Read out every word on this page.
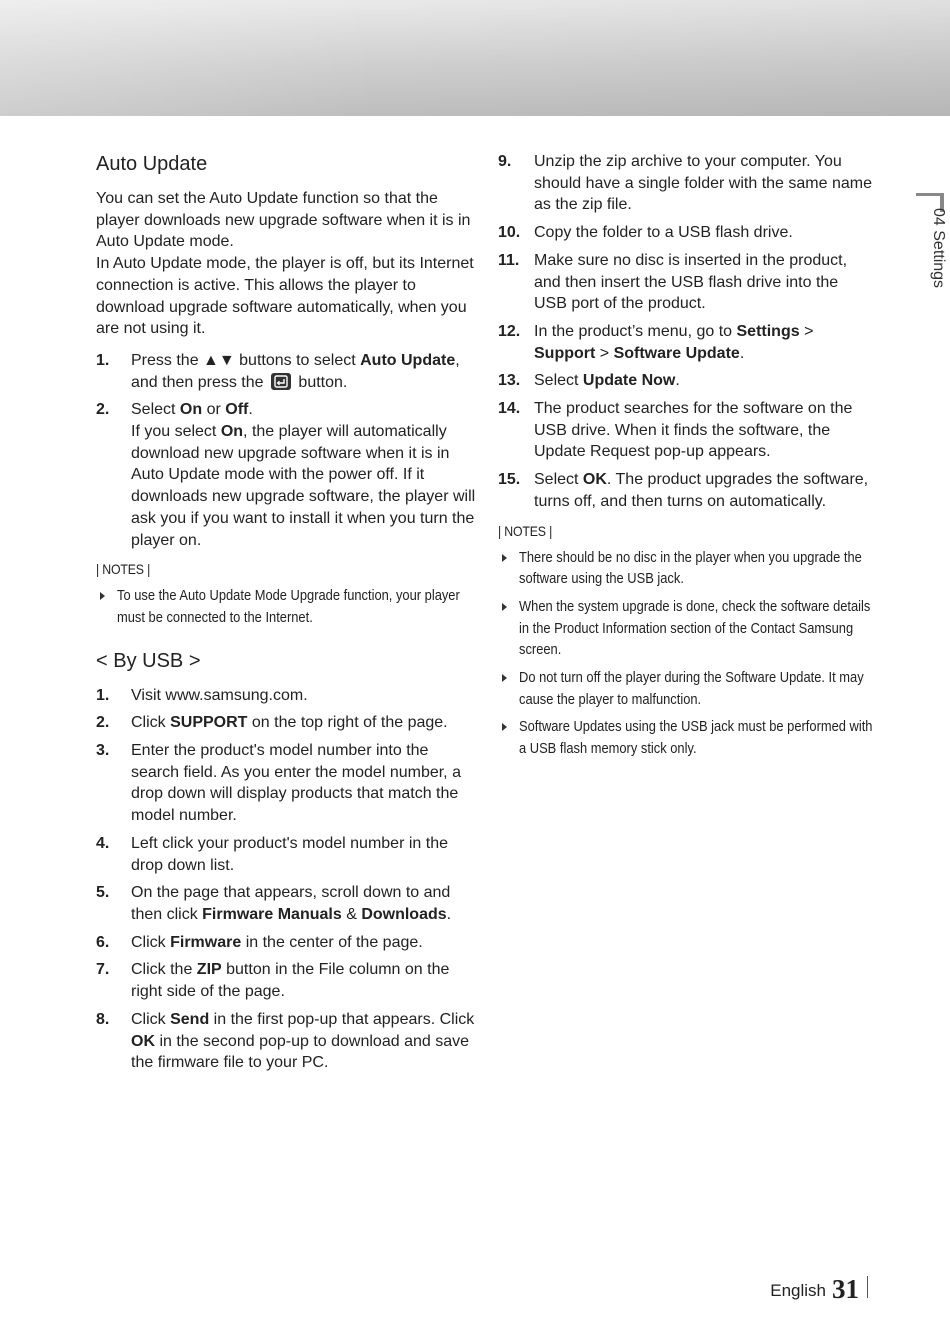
04 Settings
Auto Update

You can set the Auto Update function so that the player downloads new upgrade software when it is in Auto Update mode.

In Auto Update mode, the player is off, but its Internet connection is active. This allows the player to download upgrade software automatically, when you are not using it.

1. Press the ▲▼ buttons to select Auto Update, and then press the
button.
2. Select On or Off.
If you select On, the player will automatically download new upgrade software when it is in Auto Update mode with the power off. If it downloads new upgrade software, the player will ask you if you want to install it when you turn the player on.
| NOTES |
To use the Auto Update Mode Upgrade function, your player must be connected to the Internet.
< By USB >
1. Visit www.samsung.com.
2. Click SUPPORT on the top right of the page.
3. Enter the product's model number into the search field. As you enter the model number, a drop down will display products that match the model number.
4. Left click your product's model number in the drop down list.
5. On the page that appears, scroll down to and then click Firmware Manuals & Downloads.
6. Click Firmware in the center of the page.
7. Click the ZIP button in the File column on the right side of the page.
8. Click Send in the first pop-up that appears. Click OK in the second pop-up to download and save the firmware file to your PC.
9. Unzip the zip archive to your computer. You should have a single folder with the same name as the zip file.
10. Copy the folder to a USB flash drive.
11. Make sure no disc is inserted in the product, and then insert the USB flash drive into the USB port of the product.
12. In the product’s menu, go to Settings > Support > Software Update.
13. Select Update Now.
14. The product searches for the software on the USB drive. When it finds the software, the Update Request pop-up appears.
15. Select OK. The product upgrades the software, turns off, and then turns on automatically.
| NOTES |
There should be no disc in the player when you upgrade the software using the USB jack.
When the system upgrade is done, check the software details in the Product Information section of the Contact Samsung screen.
Do not turn off the player during the Software Update. It may cause the player to malfunction.
Software Updates using the USB jack must be performed with a USB flash memory stick only.
English 31
